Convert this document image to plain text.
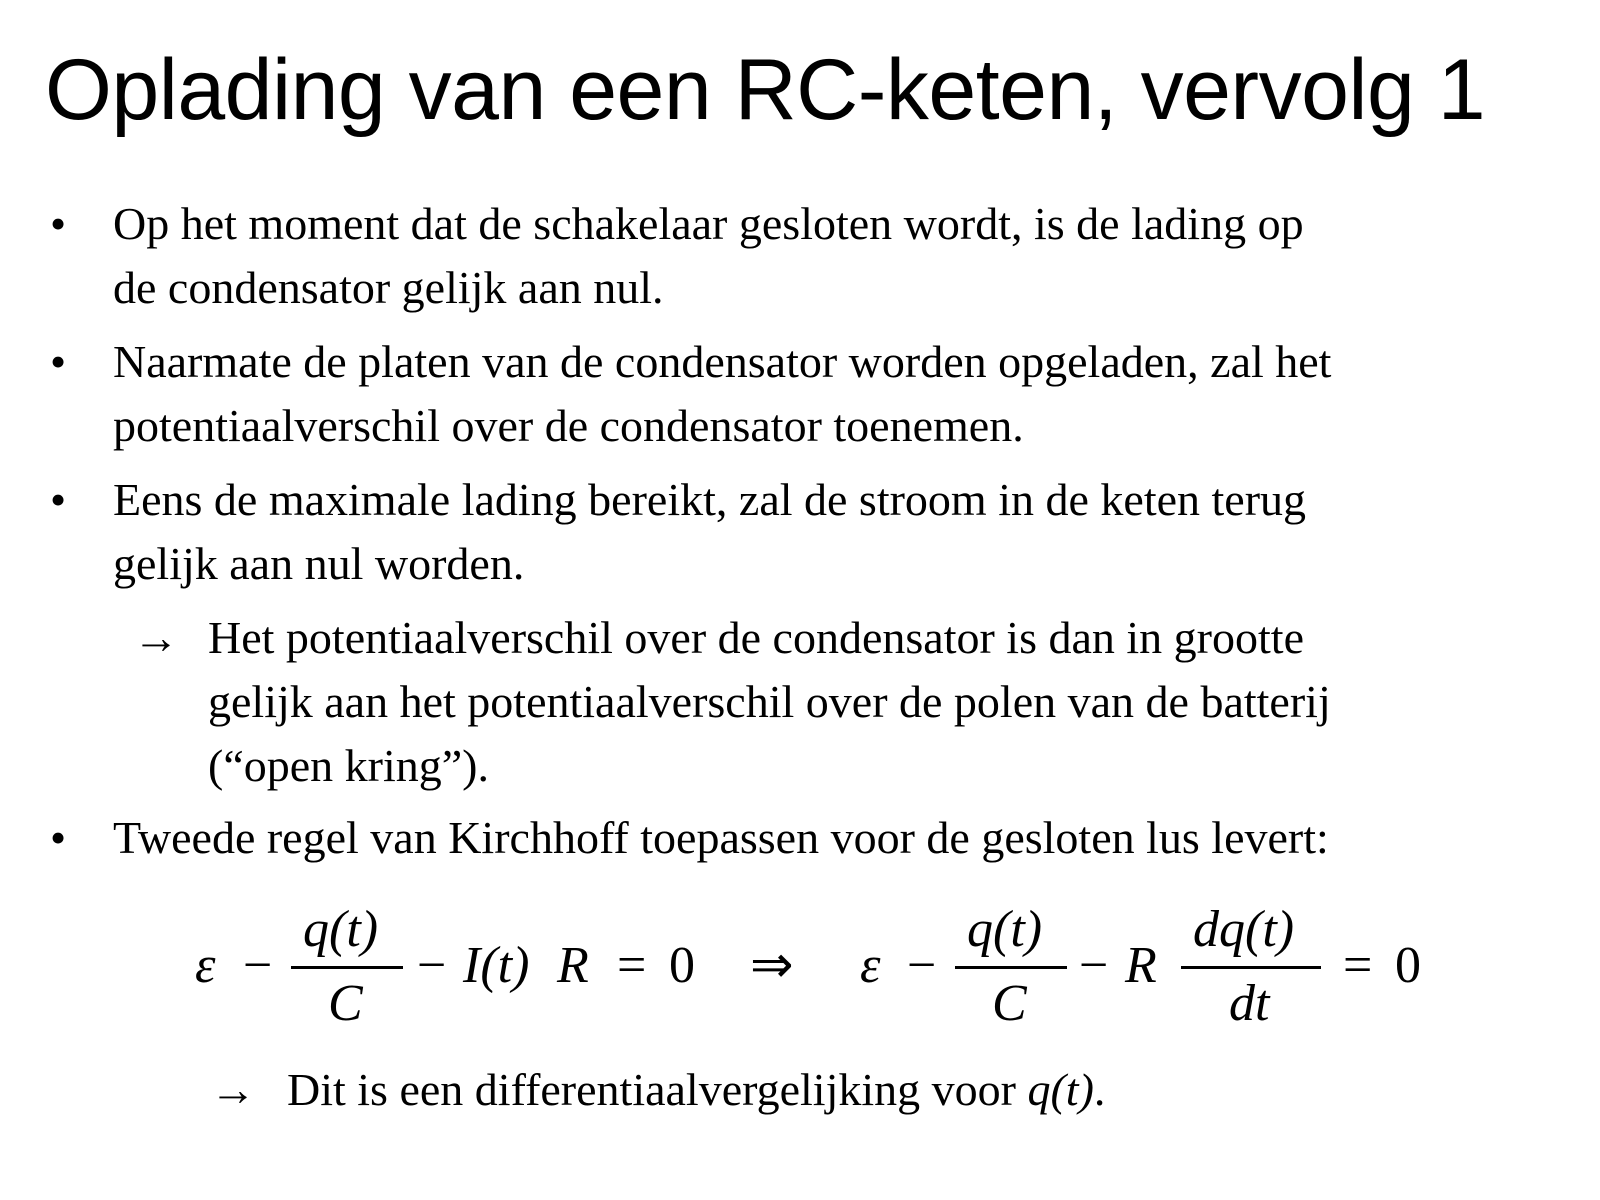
Oplading van een RC-keten, vervolg 1
•	Op het moment dat de schakelaar gesloten wordt, is de lading op
de condensator gelijk aan nul.
•	Naarmate de platen van de condensator worden opgeladen, zal het
potentiaalverschil over de condensator toenemen.
•	Eens de maximale lading bereikt, zal de stroom in de keten terug
gelijk aan nul worden.
→ Het potentiaalverschil over de condensator is dan in grootte
gelijk aan het potentiaalverschil over de polen van de batterij
(“open kring”).
•	Tweede regel van Kirchhoff toepassen voor de gesloten lus levert:
ε −
q(t)
C
− I(t) R = 0 ⇒ ε −
q(t)
C
− R
dq(t)
dt
= 0
→ Dit is een differentiaalvergelijking voor q(t).
